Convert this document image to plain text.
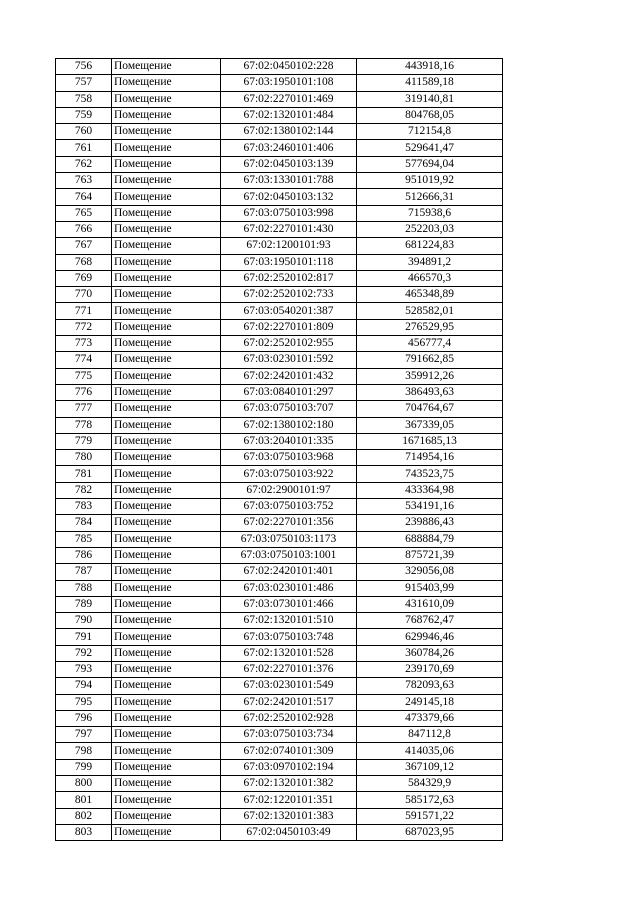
756	Помещение	67:02:0450102:228	443918,16
757	Помещение	67:03:1950101:108	411589,18
758	Помещение	67:02:2270101:469	319140,81
759	Помещение	67:02:1320101:484	804768,05
760	Помещение	67:02:1380102:144	712154,8
761	Помещение	67:03:2460101:406	529641,47
762	Помещение	67:02:0450103:139	577694,04
763	Помещение	67:03:1330101:788	951019,92
764	Помещение	67:02:0450103:132	512666,31
765	Помещение	67:03:0750103:998	715938,6
766	Помещение	67:02:2270101:430	252203,03
767	Помещение	67:02:1200101:93	681224,83
768	Помещение	67:03:1950101:118	394891,2
769	Помещение	67:02:2520102:817	466570,3
770	Помещение	67:02:2520102:733	465348,89
771	Помещение	67:03:0540201:387	528582,01
772	Помещение	67:02:2270101:809	276529,95
773	Помещение	67:02:2520102:955	456777,4
774	Помещение	67:03:0230101:592	791662,85
775	Помещение	67:02:2420101:432	359912,26
776	Помещение	67:03:0840101:297	386493,63
777	Помещение	67:03:0750103:707	704764,67
778	Помещение	67:02:1380102:180	367339,05
779	Помещение	67:03:2040101:335	1671685,13
780	Помещение	67:03:0750103:968	714954,16
781	Помещение	67:03:0750103:922	743523,75
782	Помещение	67:02:2900101:97	433364,98
783	Помещение	67:03:0750103:752	534191,16
784	Помещение	67:02:2270101:356	239886,43
785	Помещение	67:03:0750103:1173	688884,79
786	Помещение	67:03:0750103:1001	875721,39
787	Помещение	67:02:2420101:401	329056,08
788	Помещение	67:03:0230101:486	915403,99
789	Помещение	67:03:0730101:466	431610,09
790	Помещение	67:02:1320101:510	768762,47
791	Помещение	67:03:0750103:748	629946,46
792	Помещение	67:02:1320101:528	360784,26
793	Помещение	67:02:2270101:376	239170,69
794	Помещение	67:03:0230101:549	782093,63
795	Помещение	67:02:2420101:517	249145,18
796	Помещение	67:02:2520102:928	473379,66
797	Помещение	67:03:0750103:734	847112,8
798	Помещение	67:02:0740101:309	414035,06
799	Помещение	67:03:0970102:194	367109,12
800	Помещение	67:02:1320101:382	584329,9
801	Помещение	67:02:1220101:351	585172,63
802	Помещение	67:02:1320101:383	591571,22
803	Помещение	67:02:0450103:49	687023,95
